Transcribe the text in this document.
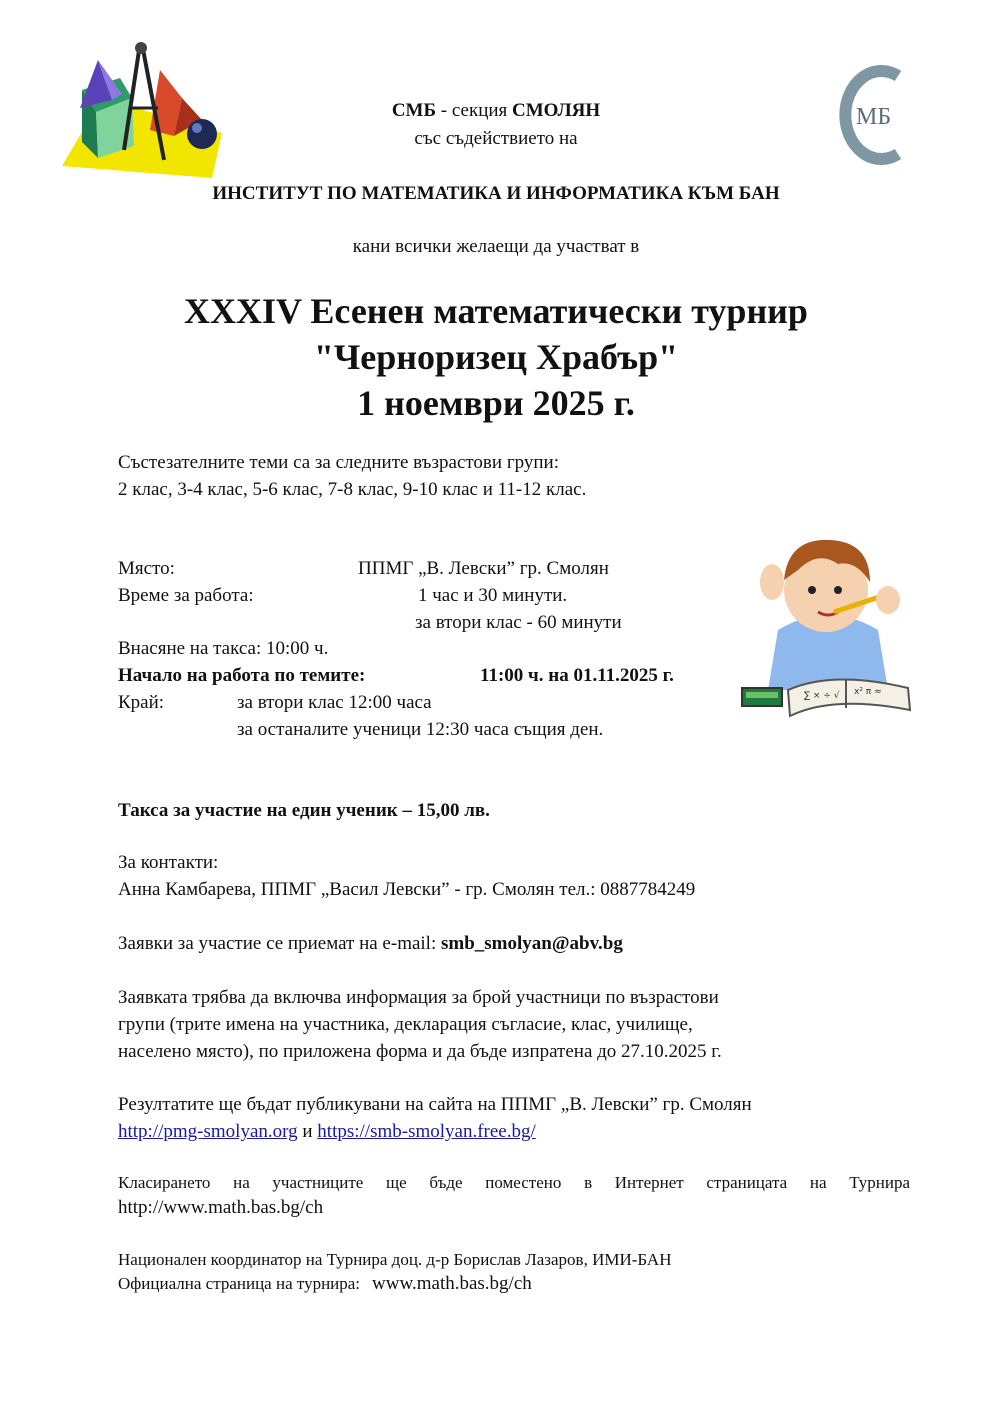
МБ
СМБ - секция СМОЛЯН
със съдействието на
ИНСТИТУТ ПО МАТЕМАТИКА И ИНФОРМАТИКА КЪМ БАН
кани всички желаещи да участват в
XXXIV Есенен математически турнир
"Черноризец Храбър"
1 ноември 2025 г.
Състезателните теми са за следните възрастови групи:
2 клас, 3-4 клас, 5-6 клас, 7-8 клас, 9-10 клас и 11-12 клас.
Място:	ППМГ „В. Левски” гр. Смолян
Време за работа:	1 час и 30 минути.
за втори клас - 60 минути
Внасяне на такса: 10:00 ч.
Начало на работа по темите:	11:00 ч. на 01.11.2025 г.
Край:	за втори клас 12:00 часа
за останалите ученици 12:30 часа същия ден.
∑ × ÷ √ x² π ≈
Такса за участие на един ученик – 15,00 лв.
За контакти:
Анна Камбарева, ППМГ „Васил Левски” - гр. Смолян тел.: 0887784249
Заявки за участие се приемат на e-mail: smb_smolyan@abv.bg
Заявката трябва да включва информация за брой участници по възрастови
групи (трите имена на участника, декларация съгласие, клас, училище,
населено място), по приложена форма и да бъде изпратена до 27.10.2025 г.
Резултатите ще бъдат публикувани на сайта на ППМГ „В. Левски” гр. Смолян
http://pmg-smolyan.org и https://smb-smolyan.free.bg/
Класирането на участниците ще бъде поместено в Интернет страницата на Турнира
http://www.math.bas.bg/ch
Национален координатор на Турнира доц. д-р Борислав Лазаров, ИМИ-БАН
Официална страница на турнира: www.math.bas.bg/ch
